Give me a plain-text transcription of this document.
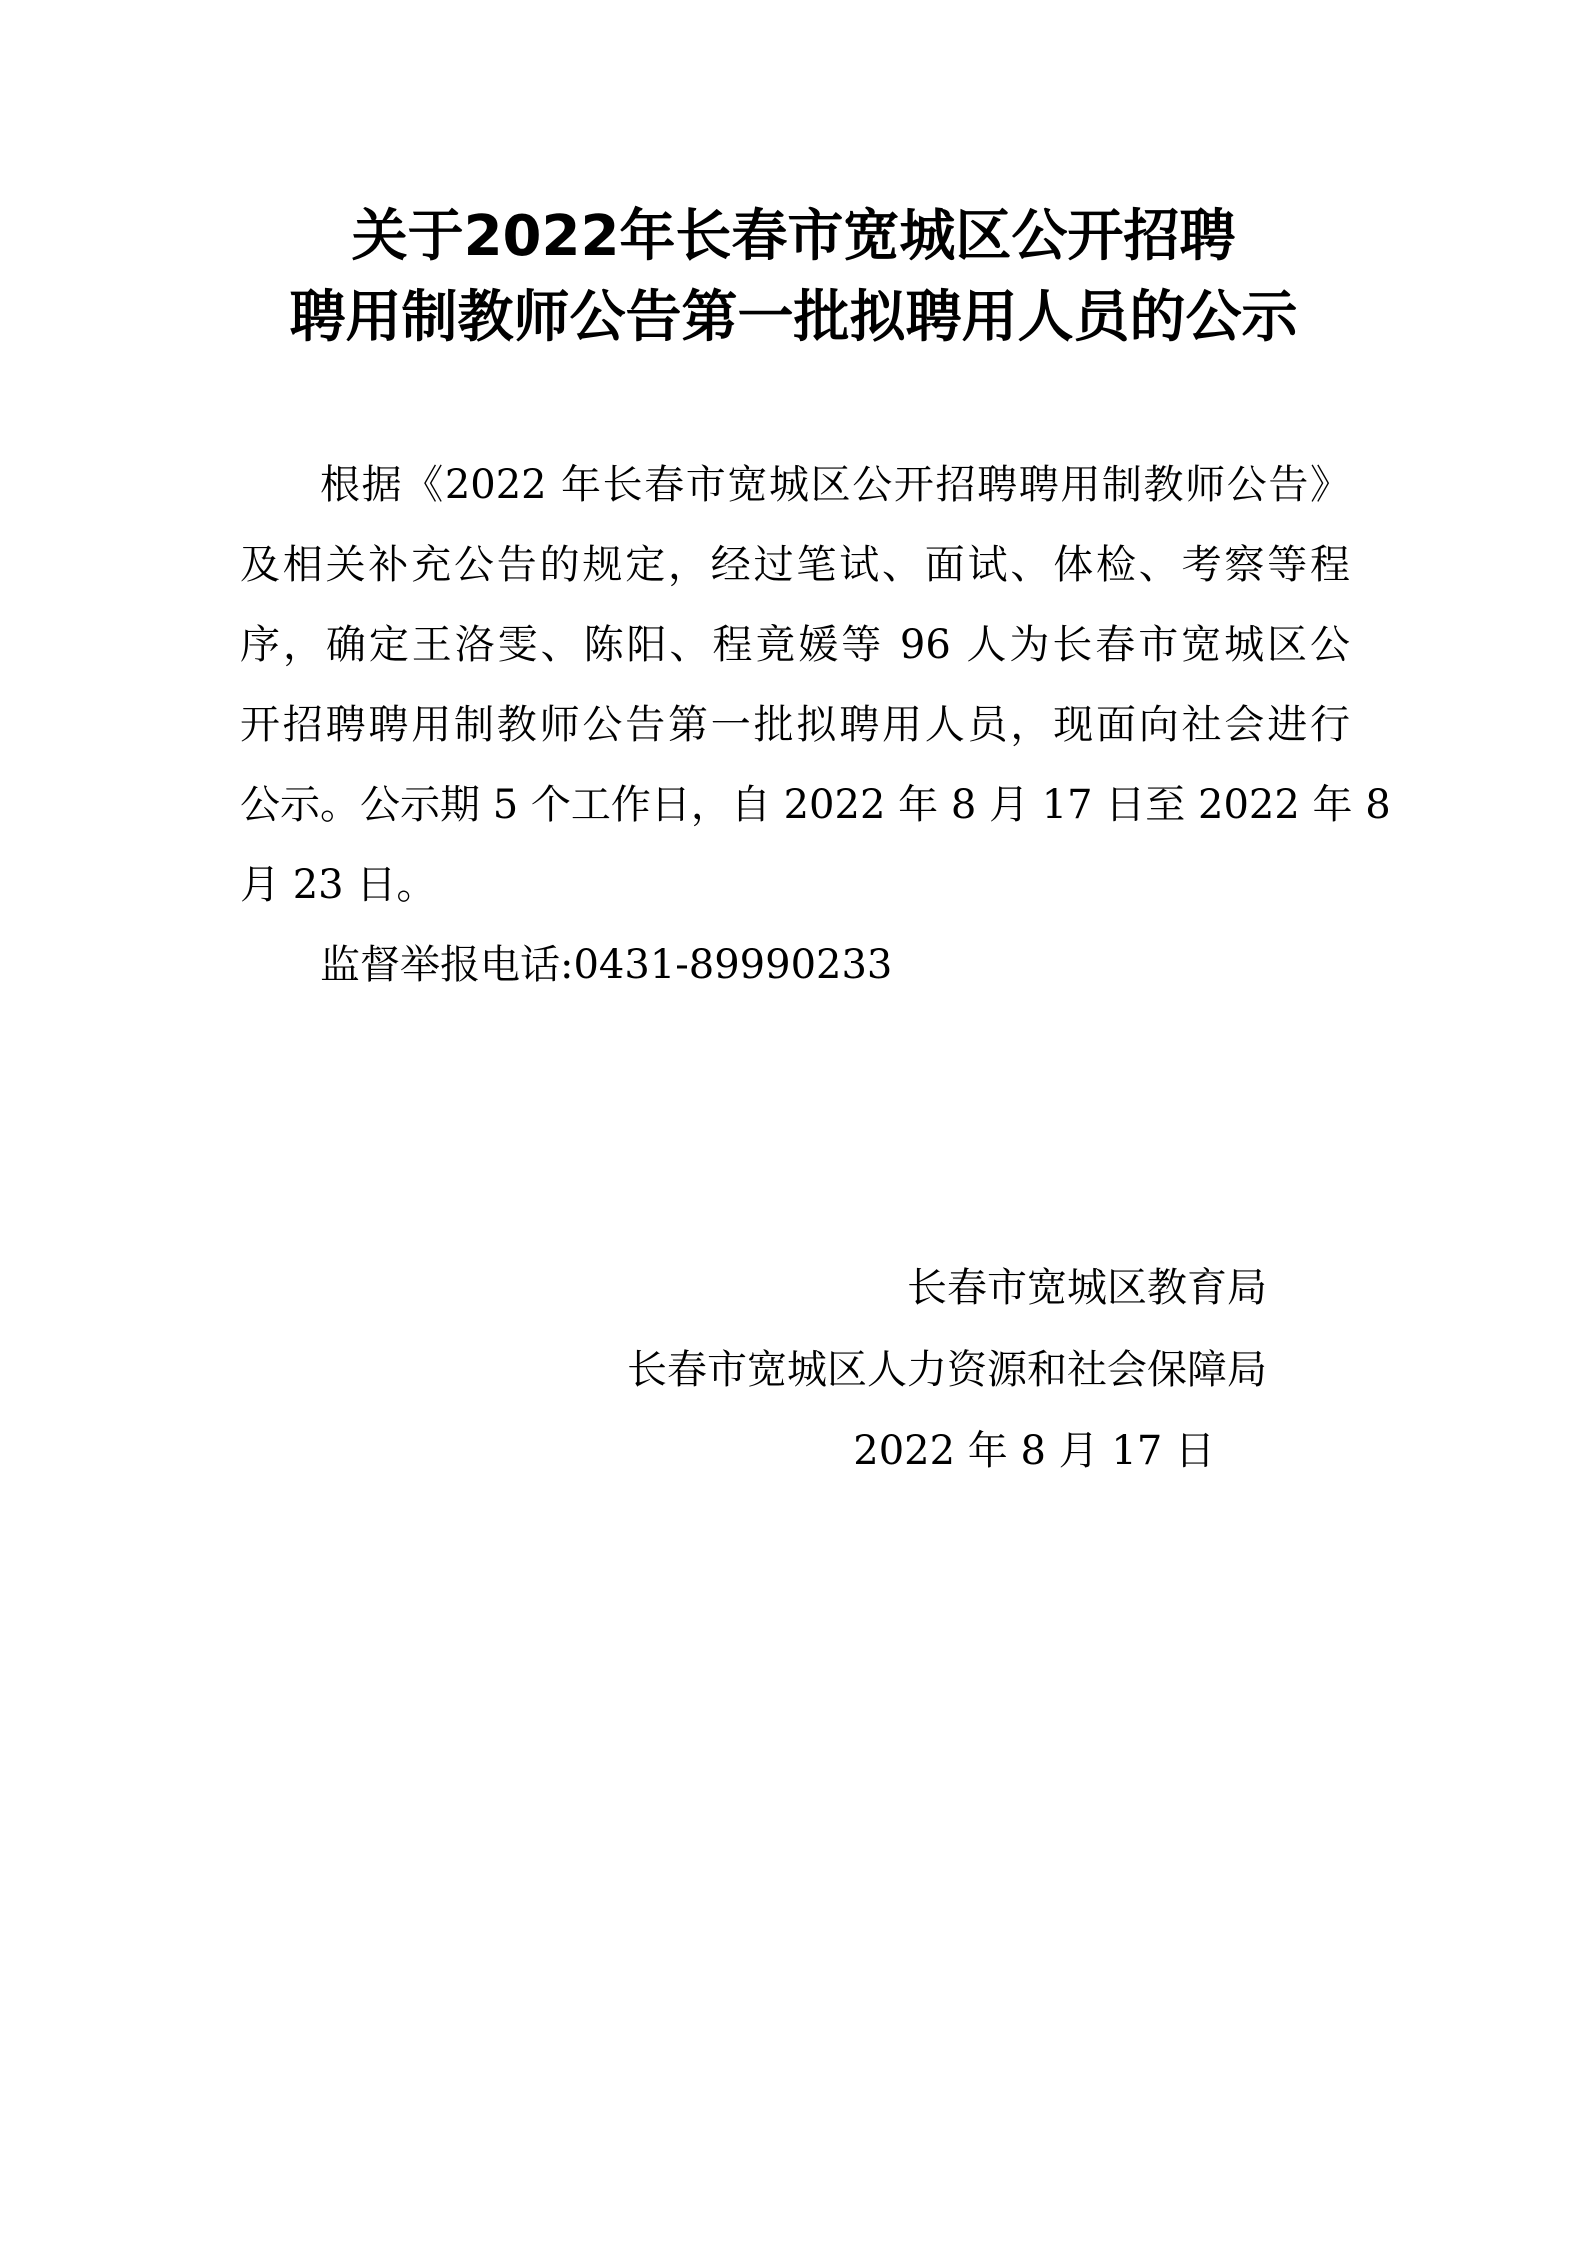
关于2022年长春市宽城区公开招聘
聘用制教师公告第一批拟聘用人员的公示
根据《2022 年长春市宽城区公开招聘聘用制教师公告》
及相关补充公告的规定，经过笔试、面试、体检、考察等程
序，确定王洛雯、陈阳、程竟媛等 96 人为长春市宽城区公
开招聘聘用制教师公告第一批拟聘用人员，现面向社会进行
公示。公示期 5 个工作日，自 2022 年 8 月 17 日至 2022 年 8
月 23 日。
监督举报电话:0431-89990233
长春市宽城区教育局
长春市宽城区人力资源和社会保障局
2022 年 8 月 17 日
